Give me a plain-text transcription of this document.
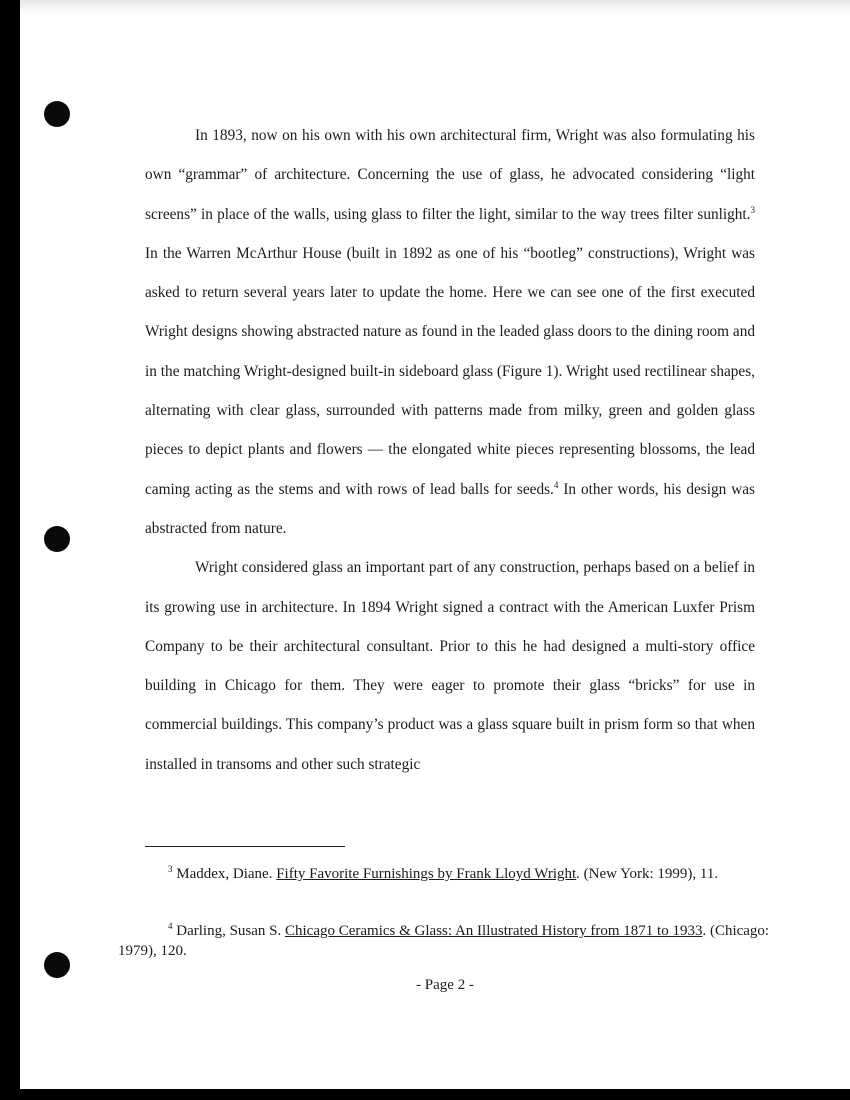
In 1893, now on his own with his own architectural firm, Wright was also formulating his own “grammar” of architecture. Concerning the use of glass, he advocated considering “light screens” in place of the walls, using glass to filter the light, similar to the way trees filter sunlight.$^3$ In the Warren McArthur House (built in 1892 as one of his “bootleg” constructions), Wright was asked to return several years later to update the home. Here we can see one of the first executed Wright designs showing abstracted nature as found in the leaded glass doors to the dining room and in the matching Wright-designed built-in sideboard glass (Figure 1). Wright used rectilinear shapes, alternating with clear glass, surrounded with patterns made from milky, green and golden glass pieces to depict plants and flowers — the elongated white pieces representing blossoms, the lead caming acting as the stems and with rows of lead balls for seeds.$^4$ In other words, his design was abstracted from nature.

Wright considered glass an important part of any construction, perhaps based on a belief in its growing use in architecture. In 1894 Wright signed a contract with the American Luxfer Prism Company to be their architectural consultant. Prior to this he had designed a multi-story office building in Chicago for them. They were eager to promote their glass “bricks” for use in commercial buildings. This company’s product was a glass square built in prism form so that when installed in transoms and other such strategic

$^3$ Maddex, Diane. Fifty Favorite Furnishings by Frank Lloyd Wright. (New York: 1999), 11.

$^4$ Darling, Susan S. Chicago Ceramics & Glass: An Illustrated History from 1871 to 1933. (Chicago: 1979), 120.

- Page 2 -
